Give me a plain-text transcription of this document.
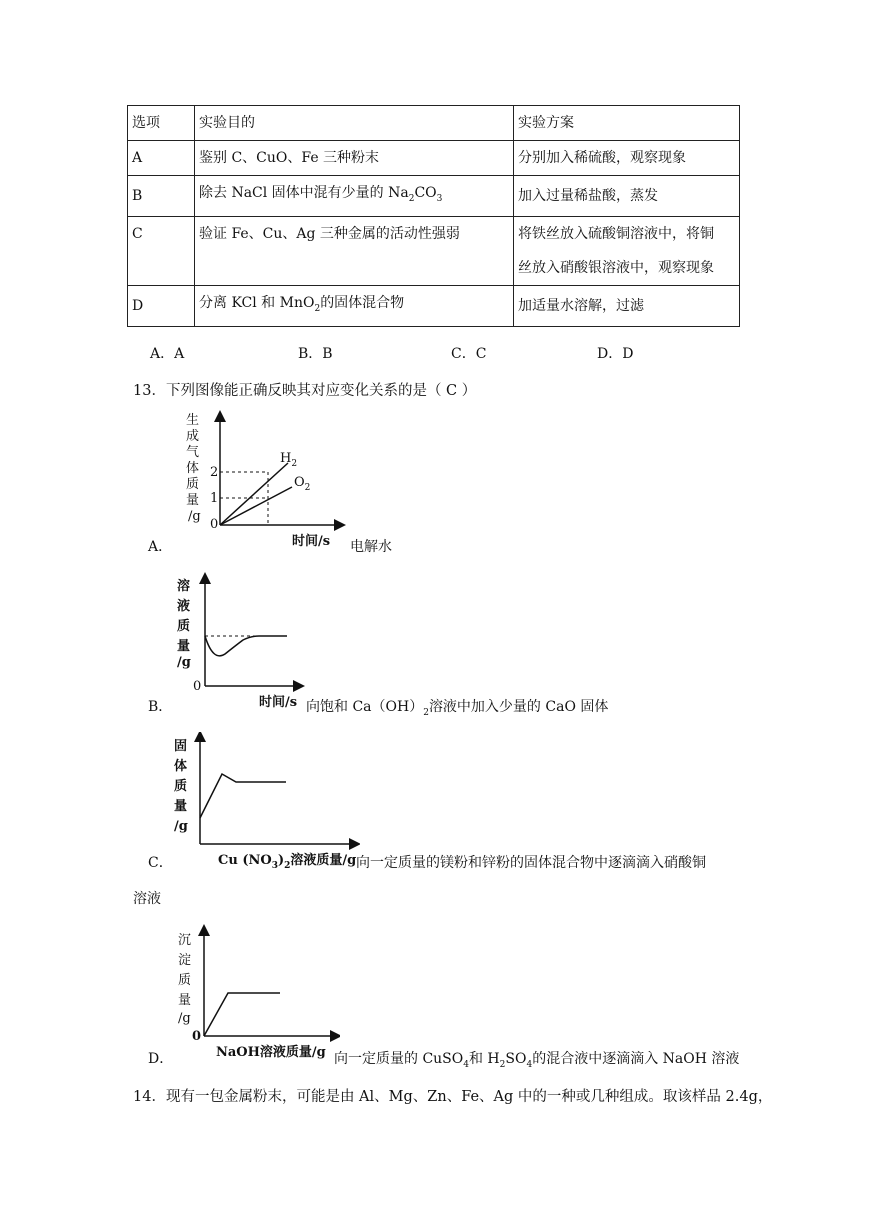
选项	实验目的	实验方案
A	鉴别 C、CuO、Fe 三种粉末	分别加入稀硫酸，观察现象
B	除去 NaCl 固体中混有少量的 $Na_2CO_3$	加入过量稀盐酸，蒸发
C	验证 Fe、Cu、Ag 三种金属的活动性强弱	将铁丝放入硫酸铜溶液中，将铜
丝放入硝酸银溶液中，观察现象

D	分离 KCl 和 MnO$_2$的固体混合物	加适量水溶解，过滤
A．A	B．B	C．C	D．D
13．下列图像能正确反映其对应变化关系的是（ C ）
2
1
0
$H_2$
$O_2$
生
成
气
体
质
量
/g
时间/s
A．	电解水
溶
液
质
量
/g
0
时间/s
B．	向饱和 $Ca(OH)_2$溶液中加入少量的 CaO 固体
固
体
质
量
/g
Cu $(NO_3)_2$溶液质量/g
C．	向一定质量的镁粉和锌粉的固体混合物中逐滴滴入硝酸铜
溶液
沉
淀
质
量
/g
0
NaOH溶液质量/g
D．	向一定质量的 CuSO$_4$和 $H_2SO_4$的混合液中逐滴滴入 NaOH 溶液
14．现有一包金属粉末，可能是由 Al、Mg、Zn、Fe、Ag 中的一种或几种组成。取该样品 2.4g，
